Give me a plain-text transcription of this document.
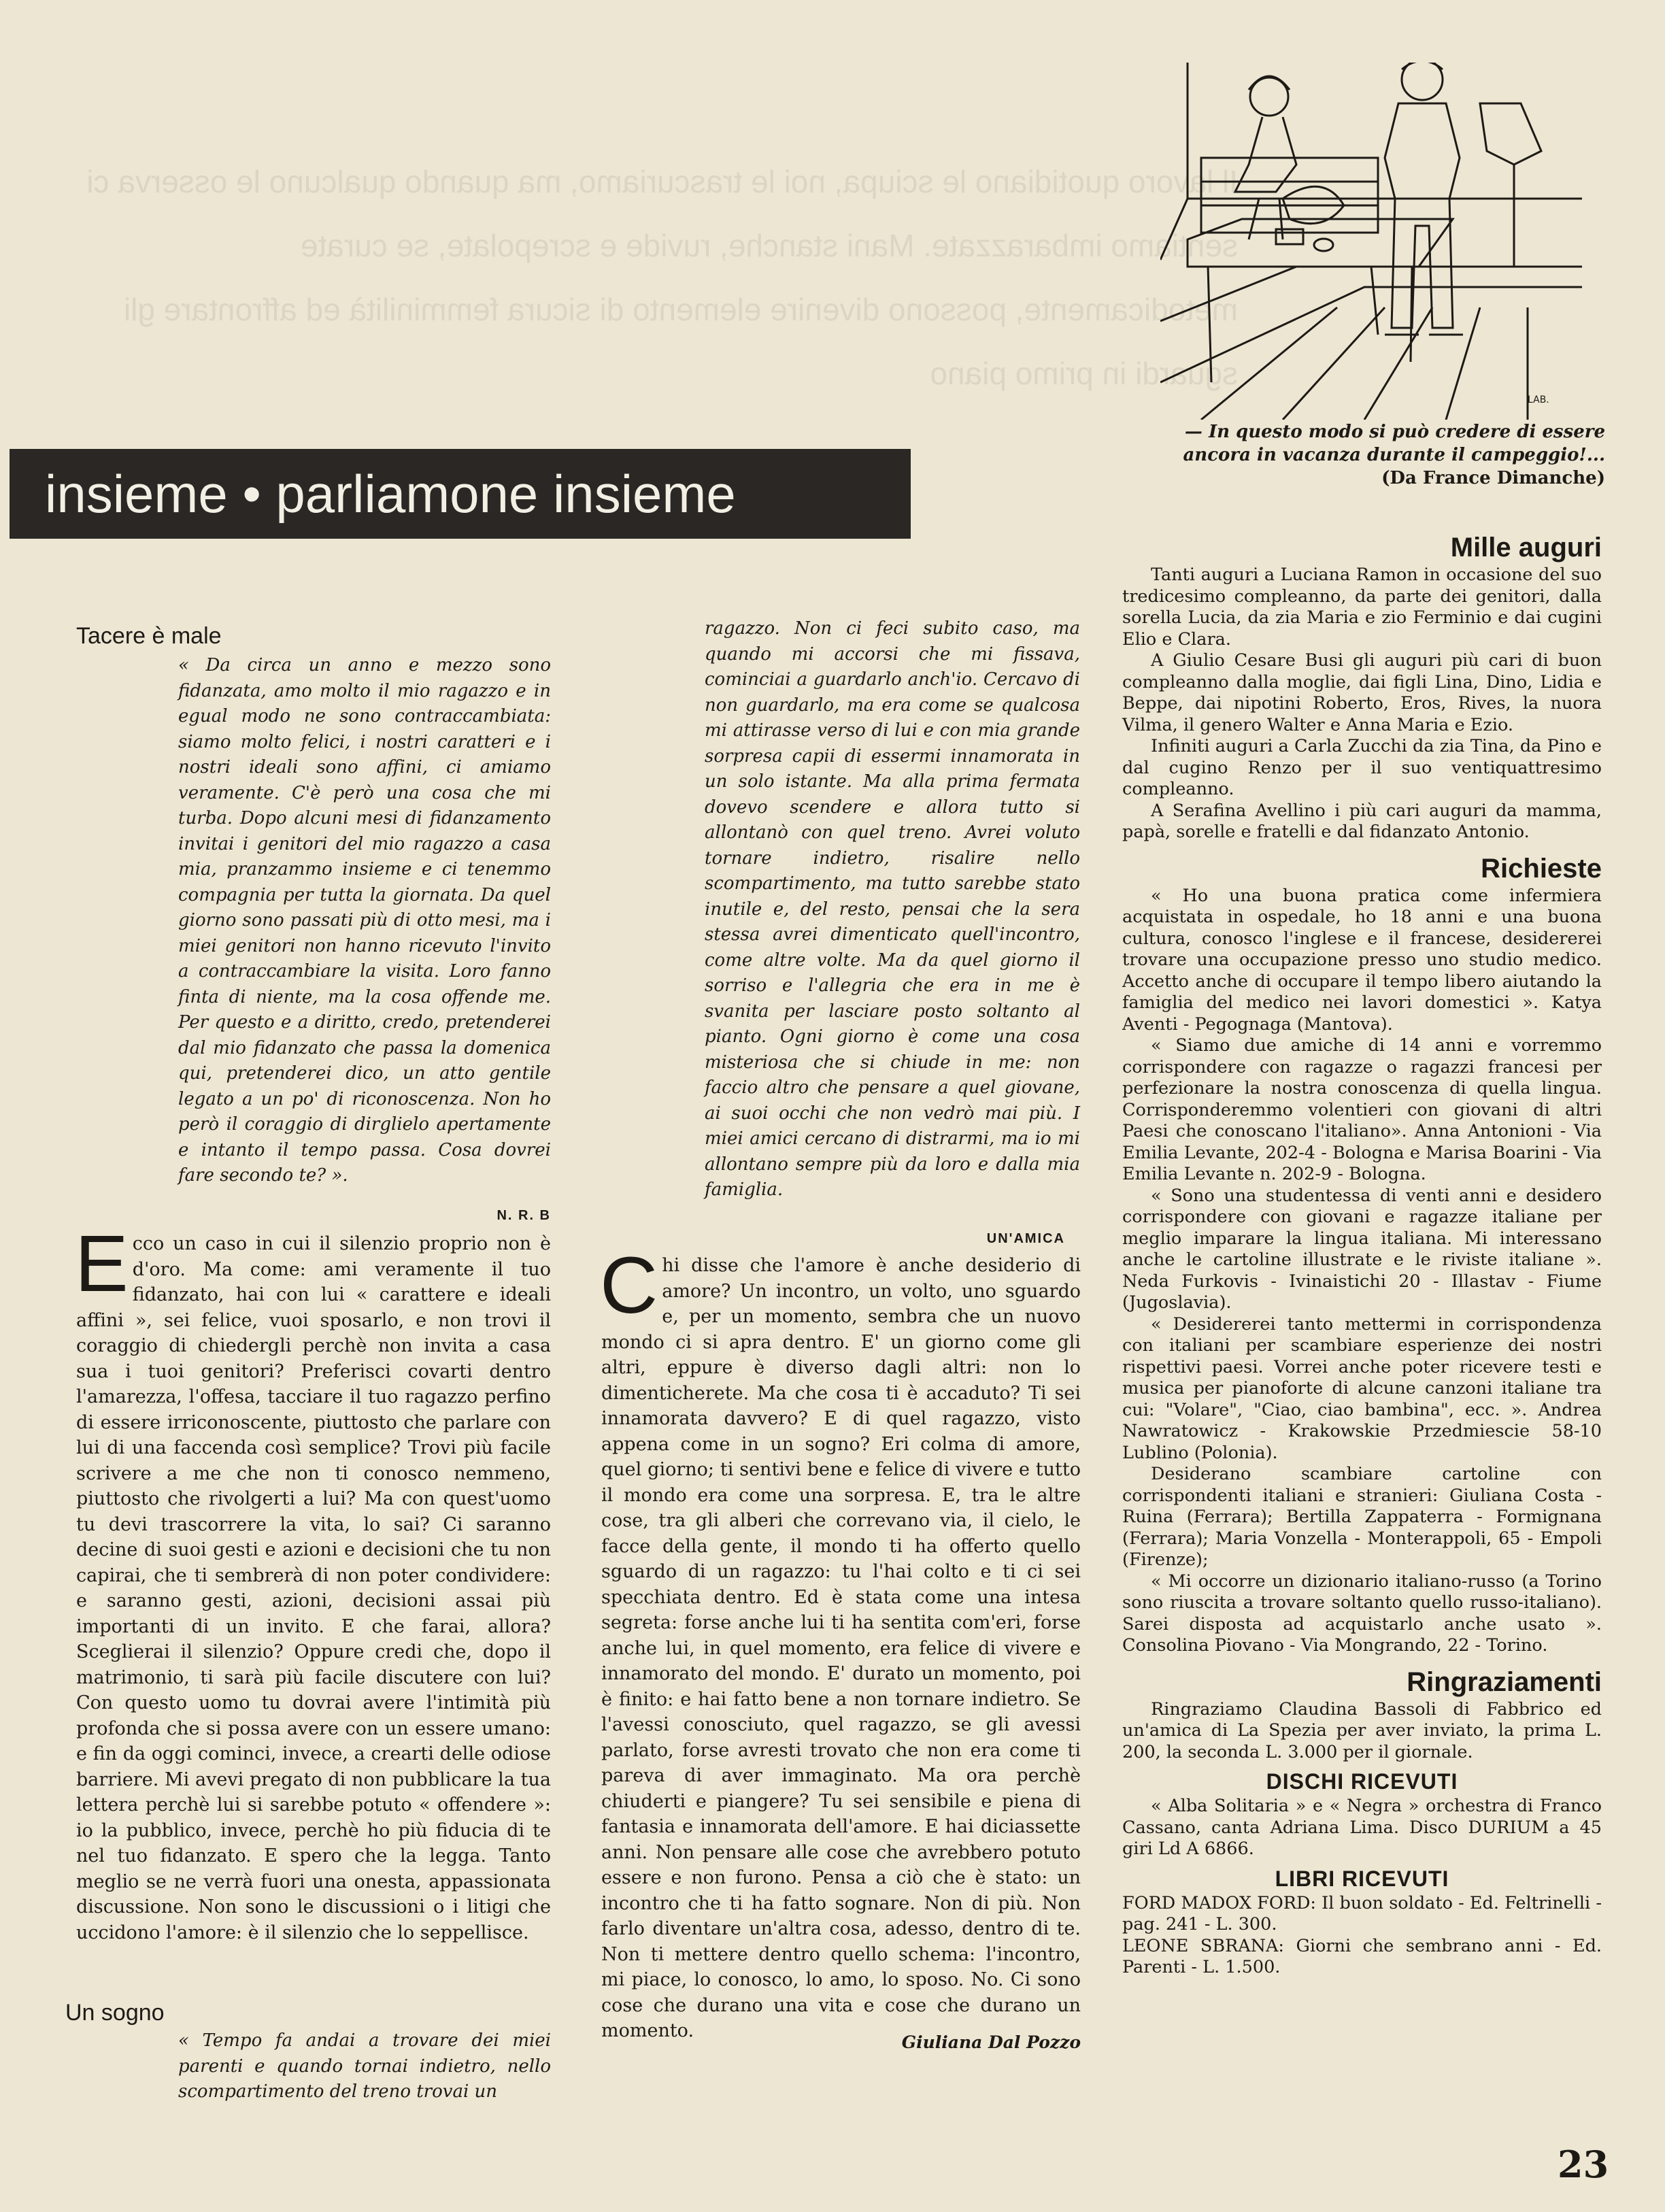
Il lavoro quotidiano le sciupa, noi le trascuriamo, ma quando qualcuno le osserva ci sentiamo imbarazzate. Mani stanche, ruvide e screpolate, se curate metodicamente, possono divenire elemento di sicura femminilità ed affrontare gli sguardi in primo piano
LAB.
— In questo modo si può credere di essere
ancora in vacanza durante il campeggio!...
(Da France Dimanche)
insieme • parliamone insieme
Tacere è male
« Da circa un anno e mezzo sono fidanzata, amo molto il mio ragazzo e in egual modo ne sono contraccambiata: siamo molto felici, i nostri caratteri e i nostri ideali sono affini, ci amiamo veramente. C'è però una cosa che mi turba. Dopo alcuni mesi di fidanzamento invitai i genitori del mio ragazzo a casa mia, pranzammo insieme e ci tenemmo compagnia per tutta la giornata. Da quel giorno sono passati più di otto mesi, ma i miei genitori non hanno ricevuto l'invito a contraccambiare la visita. Loro fanno finta di niente, ma la cosa offende me. Per questo e a diritto, credo, pretenderei dal mio fidanzato che passa la domenica qui, pretenderei dico, un atto gentile legato a un po' di riconoscenza. Non ho però il coraggio di dirglielo apertamente e intanto il tempo passa. Cosa dovrei fare secondo te? ».
N. R. B
Ecco un caso in cui il silenzio proprio non è d'oro. Ma come: ami veramente il tuo fidanzato, hai con lui « carattere e ideali affini », sei felice, vuoi sposarlo, e non trovi il coraggio di chiedergli perchè non invita a casa sua i tuoi genitori? Preferisci covarti dentro l'amarezza, l'offesa, tacciare il tuo ragazzo perfino di essere irriconoscente, piuttosto che parlare con lui di una faccenda così semplice? Trovi più facile scrivere a me che non ti conosco nemmeno, piuttosto che rivolgerti a lui? Ma con quest'uomo tu devi trascorrere la vita, lo sai? Ci saranno decine di suoi gesti e azioni e decisioni che tu non capirai, che ti sembrerà di non poter condividere: e saranno gesti, azioni, decisioni assai più importanti di un invito. E che farai, allora? Sceglierai il silenzio? Oppure credi che, dopo il matrimonio, ti sarà più facile discutere con lui? Con questo uomo tu dovrai avere l'intimità più profonda che si possa avere con un essere umano: e fin da oggi cominci, invece, a crearti delle odiose barriere. Mi avevi pregato di non pubblicare la tua lettera perchè lui si sarebbe potuto « offendere »: io la pubblico, invece, perchè ho più fiducia di te nel tuo fidanzato. E spero che la legga. Tanto meglio se ne verrà fuori una onesta, appassionata discussione. Non sono le discussioni o i litigi che uccidono l'amore: è il silenzio che lo seppellisce.
Un sogno
« Tempo fa andai a trovare dei miei parenti e quando tornai indietro, nello scompartimento del treno trovai un
ragazzo. Non ci feci subito caso, ma quando mi accorsi che mi fissava, cominciai a guardarlo anch'io. Cercavo di non guardarlo, ma era come se qualcosa mi attirasse verso di lui e con mia grande sorpresa capii di essermi innamorata in un solo istante. Ma alla prima fermata dovevo scendere e allora tutto si allontanò con quel treno. Avrei voluto tornare indietro, risalire nello scompartimento, ma tutto sarebbe stato inutile e, del resto, pensai che la sera stessa avrei dimenticato quell'incontro, come altre volte. Ma da quel giorno il sorriso e l'allegria che era in me è svanita per lasciare posto soltanto al pianto. Ogni giorno è come una cosa misteriosa che si chiude in me: non faccio altro che pensare a quel giovane, ai suoi occhi che non vedrò mai più. I miei amici cercano di distrarmi, ma io mi allontano sempre più da loro e dalla mia famiglia.
UN'AMICA
Chi disse che l'amore è anche desiderio di amore? Un incontro, un volto, uno sguardo e, per un momento, sembra che un nuovo mondo ci si apra dentro. E' un giorno come gli altri, eppure è diverso dagli altri: non lo dimenticherete. Ma che cosa ti è accaduto? Ti sei innamorata davvero? E di quel ragazzo, visto appena come in un sogno? Eri colma di amore, quel giorno; ti sentivi bene e felice di vivere e tutto il mondo era come una sorpresa. E, tra le altre cose, tra gli alberi che correvano via, il cielo, le facce della gente, il mondo ti ha offerto quello sguardo di un ragazzo: tu l'hai colto e ti ci sei specchiata dentro. Ed è stata come una intesa segreta: forse anche lui ti ha sentita com'eri, forse anche lui, in quel momento, era felice di vivere e innamorato del mondo. E' durato un momento, poi è finito: e hai fatto bene a non tornare indietro. Se l'avessi conosciuto, quel ragazzo, se gli avessi parlato, forse avresti trovato che non era come ti pareva di aver immaginato. Ma ora perchè chiuderti e piangere? Tu sei sensibile e piena di fantasia e innamorata dell'amore. E hai diciassette anni. Non pensare alle cose che avrebbero potuto essere e non furono. Pensa a ciò che è stato: un incontro che ti ha fatto sognare. Non di più. Non farlo diventare un'altra cosa, adesso, dentro di te. Non ti mettere dentro quello schema: l'incontro, mi piace, lo conosco, lo amo, lo sposo. No. Ci sono cose che durano una vita e cose che durano un momento.
Giuliana Dal Pozzo
Mille auguri

Tanti auguri a Luciana Ramon in occasione del suo tredicesimo compleanno, da parte dei genitori, dalla sorella Lucia, da zia Maria e zio Ferminio e dai cugini Elio e Clara.

A Giulio Cesare Busi gli auguri più cari di buon compleanno dalla moglie, dai figli Lina, Dino, Lidia e Beppe, dai nipotini Roberto, Eros, Rives, la nuora Vilma, il genero Walter e Anna Maria e Ezio.

Infiniti auguri a Carla Zucchi da zia Tina, da Pino e dal cugino Renzo per il suo ventiquattresimo compleanno.

A Serafina Avellino i più cari auguri da mamma, papà, sorelle e fratelli e dal fidanzato Antonio.

Richieste

« Ho una buona pratica come infermiera acquistata in ospedale, ho 18 anni e una buona cultura, conosco l'inglese e il francese, desidererei trovare una occupazione presso uno studio medico. Accetto anche di occupare il tempo libero aiutando la famiglia del medico nei lavori domestici ». Katya Aventi - Pegognaga (Mantova).

« Siamo due amiche di 14 anni e vorremmo corrispondere con ragazze o ragazzi francesi per perfezionare la nostra conoscenza di quella lingua. Corrisponderemmo volentieri con giovani di altri Paesi che conoscano l'italiano». Anna Antonioni - Via Emilia Levante, 202-4 - Bologna e Marisa Boarini - Via Emilia Levante n. 202-9 - Bologna.

« Sono una studentessa di venti anni e desidero corrispondere con giovani e ragazze italiane per meglio imparare la lingua italiana. Mi interessano anche le cartoline illustrate e le riviste italiane ». Neda Furkovis - Ivinaistichi 20 - Illastav - Fiume (Jugoslavia).

« Desidererei tanto mettermi in corrispondenza con italiani per scambiare esperienze dei nostri rispettivi paesi. Vorrei anche poter ricevere testi e musica per pianoforte di alcune canzoni italiane tra cui: "Volare", "Ciao, ciao bambina", ecc. ». Andrea Nawratowicz - Krakowskie Przedmiescie 58-10 Lublino (Polonia).

Desiderano scambiare cartoline con corrispondenti italiani e stranieri: Giuliana Costa - Ruina (Ferrara); Bertilla Zappaterra - Formignana (Ferrara); Maria Vonzella - Monterappoli, 65 - Empoli (Firenze);

« Mi occorre un dizionario italiano-russo (a Torino sono riuscita a trovare soltanto quello russo-italiano). Sarei disposta ad acquistarlo anche usato ». Consolina Piovano - Via Mongrando, 22 - Torino.

Ringraziamenti

Ringraziamo Claudina Bassoli di Fabbrico ed un'amica di La Spezia per aver inviato, la prima L. 200, la seconda L. 3.000 per il giornale.

DISCHI RICEVUTI

« Alba Solitaria » e « Negra » orchestra di Franco Cassano, canta Adriana Lima. Disco DURIUM a 45 giri Ld A 6866.

LIBRI RICEVUTI

FORD MADOX FORD: Il buon soldato - Ed. Feltrinelli - pag. 241 - L. 300.

LEONE SBRANA: Giorni che sembrano anni - Ed. Parenti - L. 1.500.

23
